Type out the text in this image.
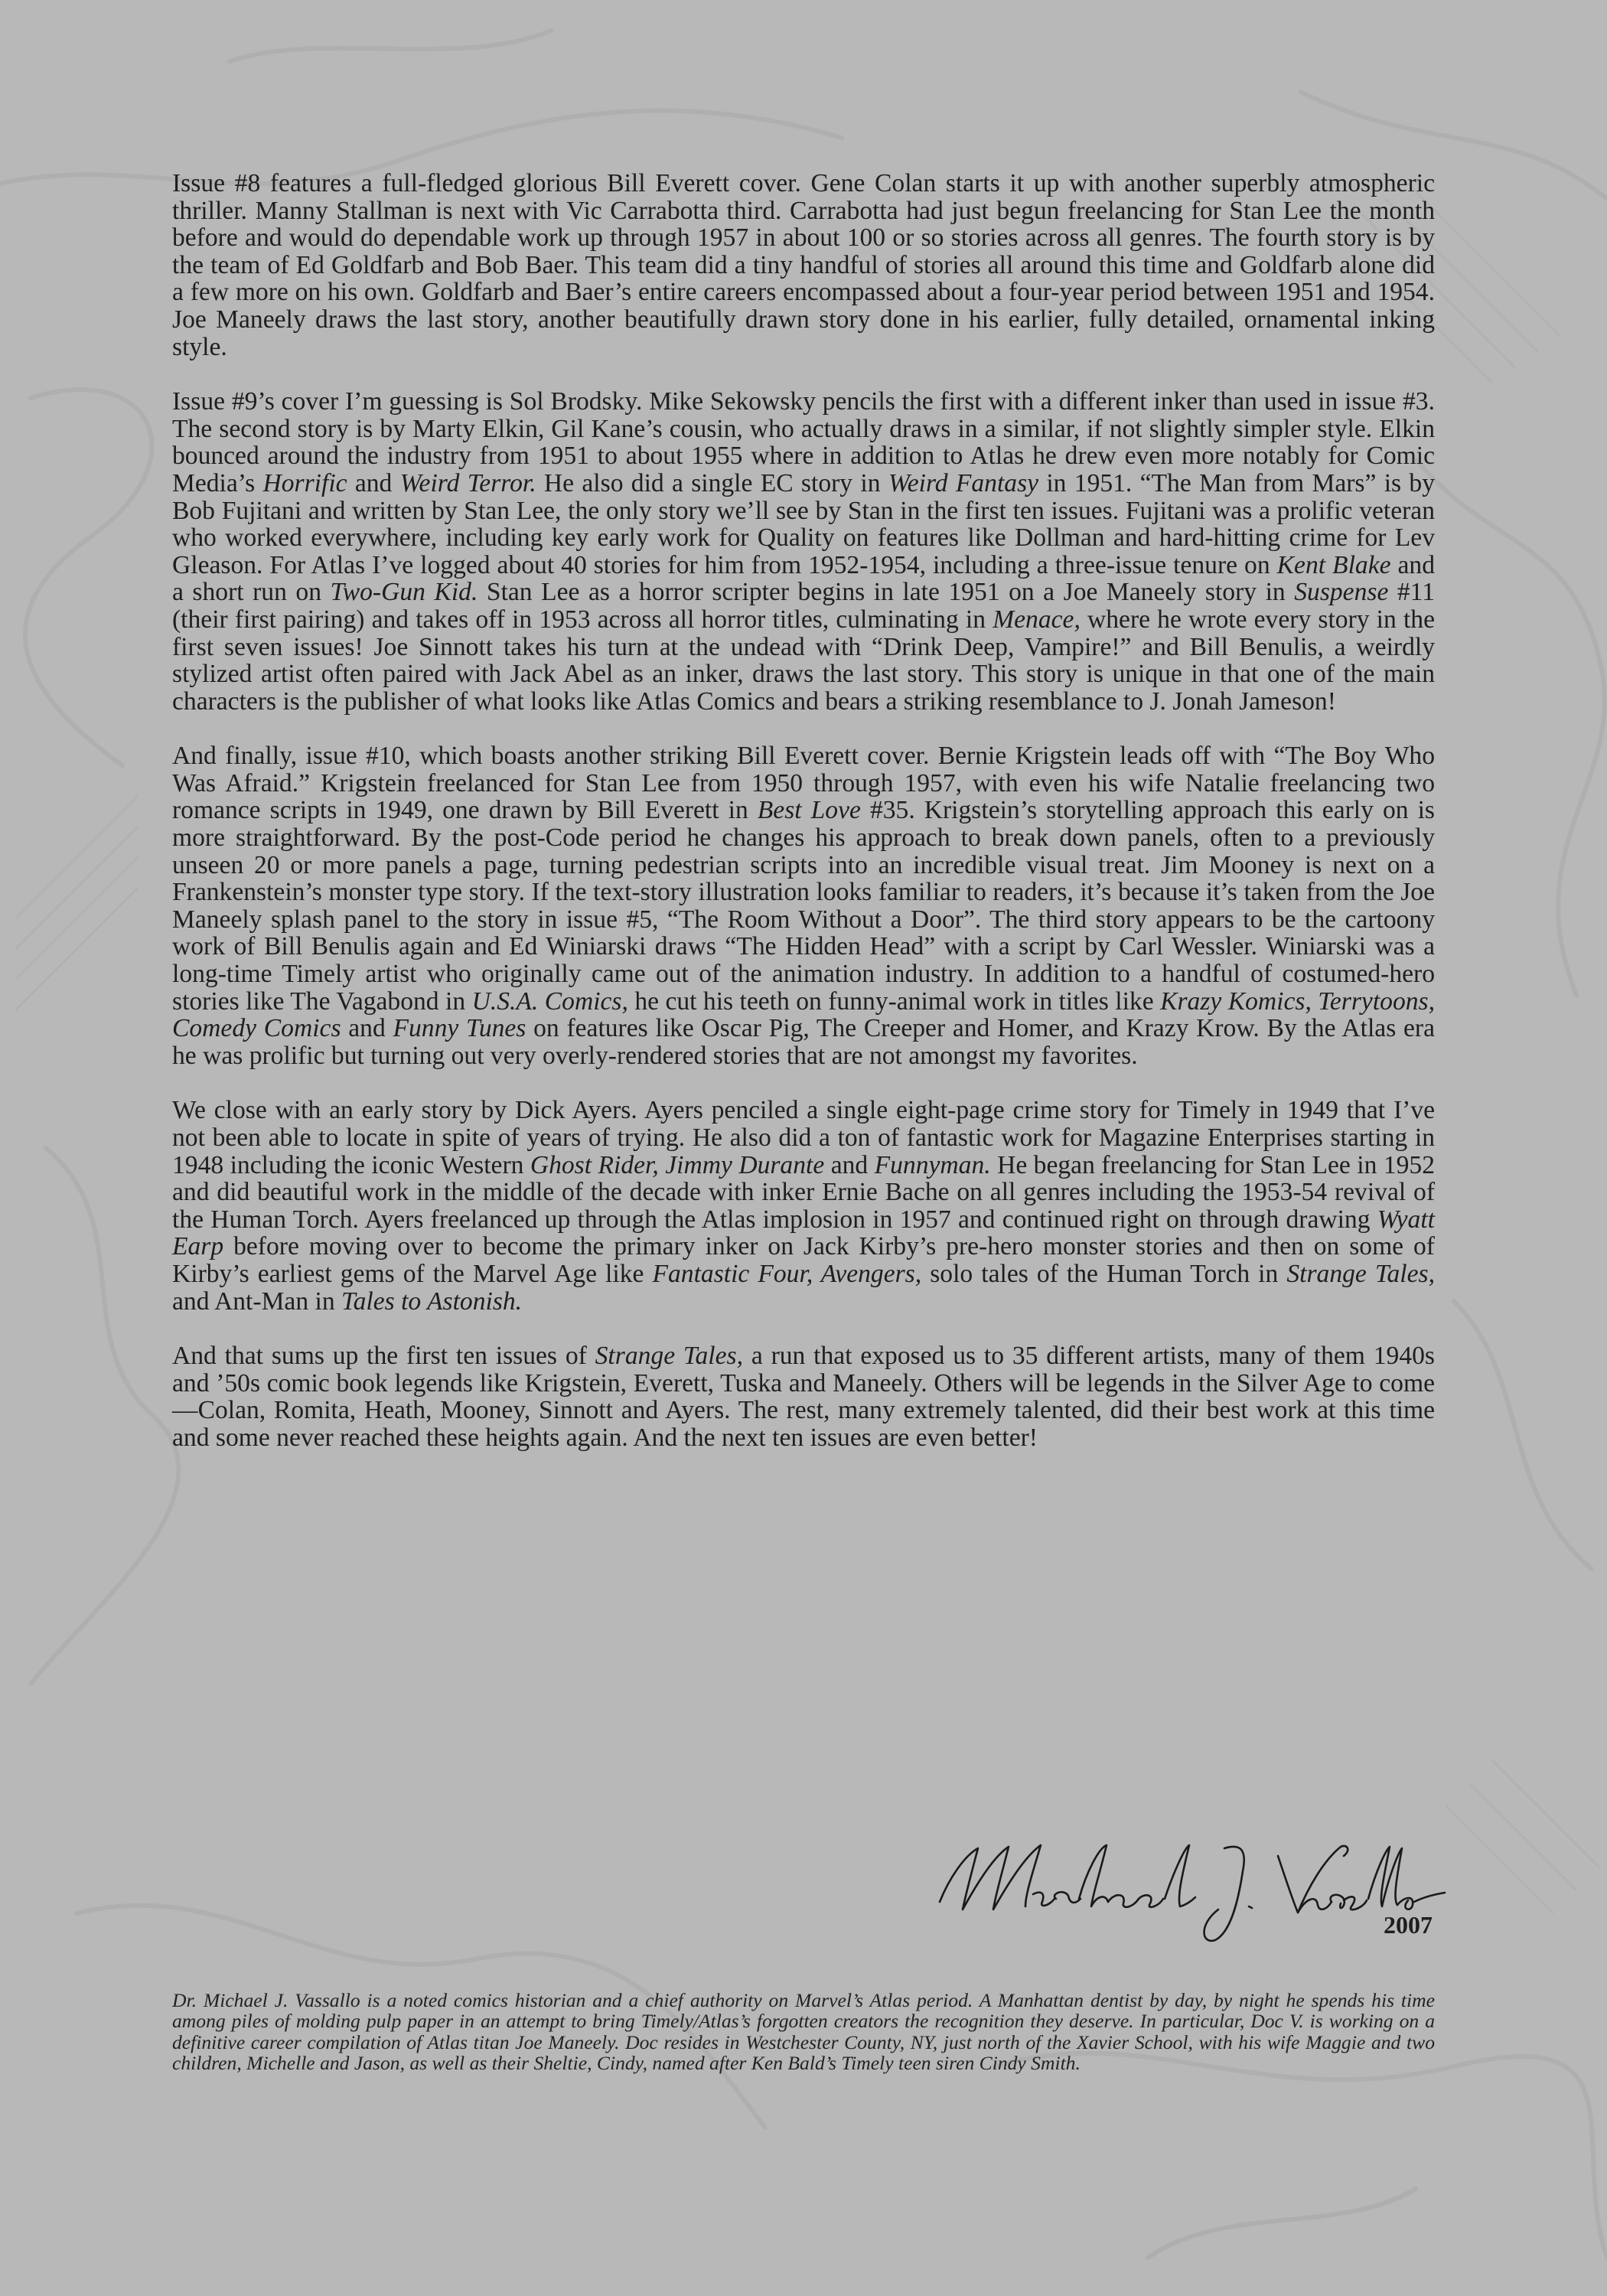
Issue #8 features a full-fledged glorious Bill Everett cover. Gene Colan starts it up with another superbly atmospheric thriller. Manny Stallman is next with Vic Carrabotta third. Carrabotta had just begun freelancing for Stan Lee the month before and would do dependable work up through 1957 in about 100 or so stories across all genres. The fourth story is by the team of Ed Goldfarb and Bob Baer. This team did a tiny handful of stories all around this time and Goldfarb alone did a few more on his own. Goldfarb and Baer’s entire careers encompassed about a four-year period between 1951 and 1954. Joe Maneely draws the last story, another beautifully drawn story done in his earlier, fully detailed, ornamental inking style.

Issue #9’s cover I’m guessing is Sol Brodsky. Mike Sekowsky pencils the first with a different inker than used in issue #3. The second story is by Marty Elkin, Gil Kane’s cousin, who actually draws in a similar, if not slightly simpler style. Elkin bounced around the industry from 1951 to about 1955 where in addition to Atlas he drew even more notably for Comic Media’s Horrific and Weird Terror. He also did a single EC story in Weird Fantasy in 1951. “The Man from Mars” is by Bob Fujitani and written by Stan Lee, the only story we’ll see by Stan in the first ten issues. Fujitani was a prolific veteran who worked everywhere, including key early work for Quality on features like Dollman and hard-hitting crime for Lev Gleason. For Atlas I’ve logged about 40 stories for him from 1952-1954, including a three-issue tenure on Kent Blake and a short run on Two-Gun Kid. Stan Lee as a horror scripter begins in late 1951 on a Joe Maneely story in Suspense #11 (their first pairing) and takes off in 1953 across all horror titles, culminating in Menace, where he wrote every story in the first seven issues! Joe Sinnott takes his turn at the undead with “Drink Deep, Vampire!” and Bill Benulis, a weirdly stylized artist often paired with Jack Abel as an inker, draws the last story. This story is unique in that one of the main characters is the publisher of what looks like Atlas Comics and bears a striking resemblance to J. Jonah Jameson!

And finally, issue #10, which boasts another striking Bill Everett cover. Bernie Krigstein leads off with “The Boy Who Was Afraid.” Krigstein freelanced for Stan Lee from 1950 through 1957, with even his wife Natalie freelancing two romance scripts in 1949, one drawn by Bill Everett in Best Love #35. Krigstein’s storytelling approach this early on is more straightforward. By the post-Code period he changes his approach to break down panels, often to a previously unseen 20 or more panels a page, turning pedestrian scripts into an incredible visual treat. Jim Mooney is next on a Frankenstein’s monster type story. If the text-story illustration looks familiar to readers, it’s because it’s taken from the Joe Maneely splash panel to the story in issue #5, “The Room Without a Door”. The third story appears to be the cartoony work of Bill Benulis again and Ed Winiarski draws “The Hidden Head” with a script by Carl Wessler. Winiarski was a long-time Timely artist who originally came out of the animation industry. In addition to a handful of costumed-hero stories like The Vagabond in U.S.A. Comics, he cut his teeth on funny-animal work in titles like Krazy Komics, Terrytoons, Comedy Comics and Funny Tunes on features like Oscar Pig, The Creeper and Homer, and Krazy Krow. By the Atlas era he was prolific but turning out very overly-rendered stories that are not amongst my favorites.

We close with an early story by Dick Ayers. Ayers penciled a single eight-page crime story for Timely in 1949 that I’ve not been able to locate in spite of years of trying. He also did a ton of fantastic work for Magazine Enterprises starting in 1948 including the iconic Western Ghost Rider, Jimmy Durante and Funnyman. He began freelancing for Stan Lee in 1952 and did beautiful work in the middle of the decade with inker Ernie Bache on all genres including the 1953-54 revival of the Human Torch. Ayers freelanced up through the Atlas implosion in 1957 and continued right on through drawing Wyatt Earp before moving over to become the primary inker on Jack Kirby’s pre-hero monster stories and then on some of Kirby’s earliest gems of the Marvel Age like Fantastic Four, Avengers, solo tales of the Human Torch in Strange Tales, and Ant-Man in Tales to Astonish.

And that sums up the first ten issues of Strange Tales, a run that exposed us to 35 different artists, many of them 1940s and ’50s comic book legends like Krigstein, Everett, Tuska and Maneely. Others will be legends in the Silver Age to come—Colan, Romita, Heath, Mooney, Sinnott and Ayers. The rest, many extremely talented, did their best work at this time and some never reached these heights again. And the next ten issues are even better!

2007

Dr. Michael J. Vassallo is a noted comics historian and a chief authority on Marvel’s Atlas period. A Manhattan dentist by day, by night he spends his time among piles of molding pulp paper in an attempt to bring Timely/Atlas’s forgotten creators the recognition they deserve. In particular, Doc V. is working on a definitive career compilation of Atlas titan Joe Maneely. Doc resides in Westchester County, NY, just north of the Xavier School, with his wife Maggie and two children, Michelle and Jason, as well as their Sheltie, Cindy, named after Ken Bald’s Timely teen siren Cindy Smith.
